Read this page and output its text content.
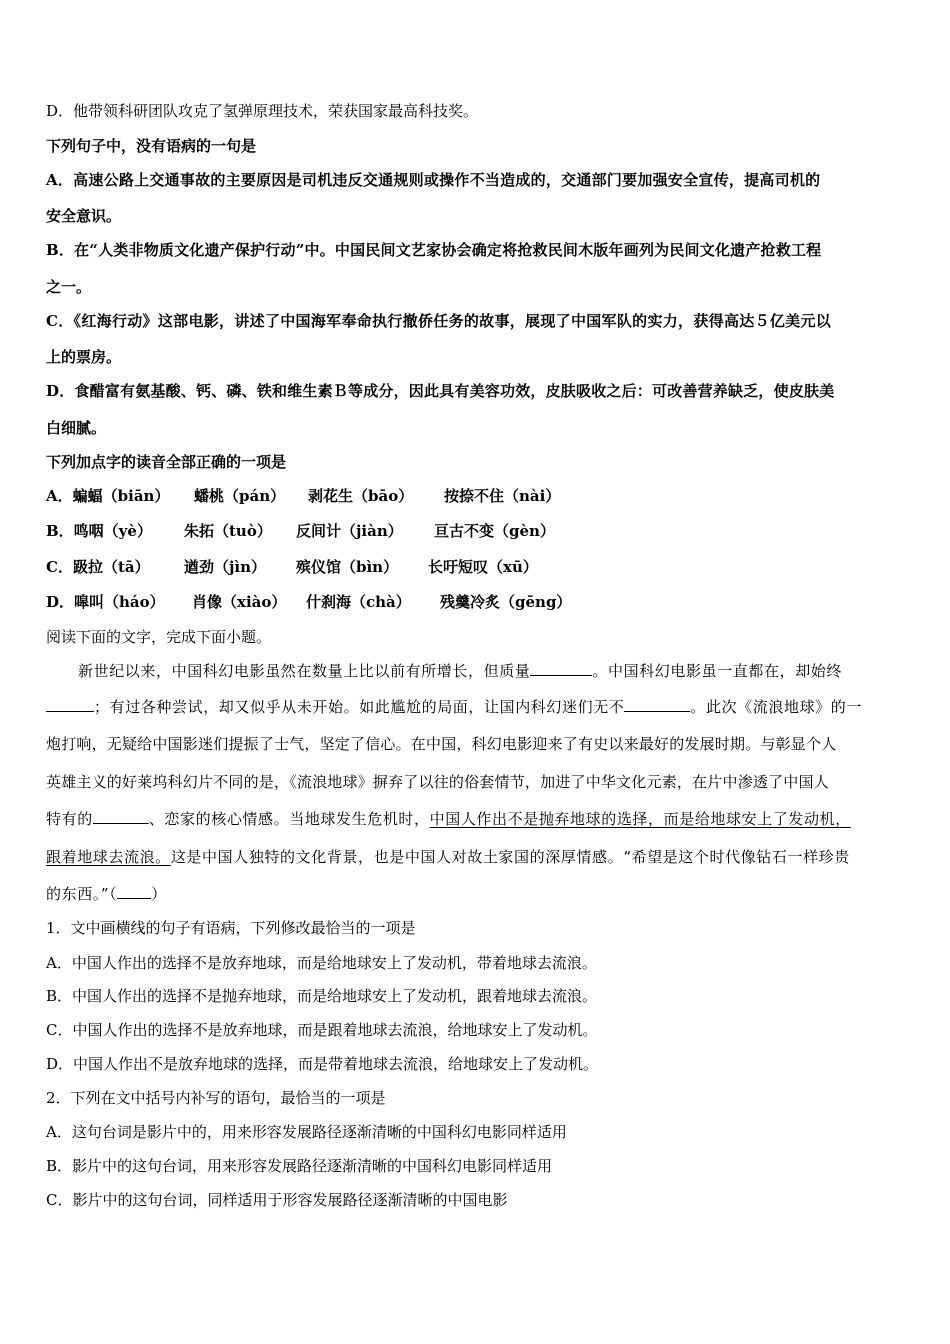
D．他带领科研团队攻克了氢弹原理技术，荣获国家最高科技奖。
下列句子中，没有语病的一句是
A．高速公路上交通事故的主要原因是司机违反交通规则或操作不当造成的，交通部门要加强安全宣传，提高司机的
安全意识。
B．在“人类非物质文化遗产保护行动”中。中国民间文艺家协会确定将抢救民间木版年画列为民间文化遗产抢救工程
之一。
C．《红海行动》这部电影，讲述了中国海军奉命执行撤侨任务的故事，展现了中国军队的实力，获得高达５亿美元以
上的票房。
D．食醋富有氨基酸、钙、磷、铁和维生素Ｂ等成分，因此具有美容功效，皮肤吸收之后：可改善营养缺乏，使皮肤美
白细腻。
下列加点字的读音全部正确的一项是
A．蝙蝠（biān） 蟠桃（pán） 剥花生（bāo） 按捺不住（nài）
B．鸣咽（yè） 朱拓（tuò） 反间计（jiàn） 亘古不变（gèn）
C．趿拉（tā） 遒劲（jìn） 殡仪馆（bìn） 长吁短叹（xū）
D．嗥叫（háo） 肖像（xiào） 什刹海（chà） 残羹冷炙（gēng）
阅读下面的文字，完成下面小题。
新世纪以来，中国科幻电影虽然在数量上比以前有所增长，但质量	。中国科幻电影虽一直都在，却始终
；有过各种尝试，却又似乎从未开始。如此尴尬的局面，让国内科幻迷们无不	。此次《流浪地球》的一
炮打响，无疑给中国影迷们提振了士气，坚定了信心。在中国，科幻电影迎来了有史以来最好的发展时期。与彰显个人
英雄主义的好莱坞科幻片不同的是，《流浪地球》摒弃了以往的俗套情节，加进了中华文化元素，在片中渗透了中国人
特有的	、恋家的核心情感。当地球发生危机时，中国人作出不是抛弃地球的选择，而是给地球安上了发动机，
跟着地球去流浪。这是中国人独特的文化背景，也是中国人对故土家国的深厚情感。“希望是这个时代像钻石一样珍贵
的东西。”（ ）
1．文中画横线的句子有语病，下列修改最恰当的一项是
A．中国人作出的选择不是放弃地球，而是给地球安上了发动机，带着地球去流浪。
B．中国人作出的选择不是抛弃地球，而是给地球安上了发动机，跟着地球去流浪。
C．中国人作出的选择不是放弃地球，而是跟着地球去流浪，给地球安上了发动机。
D．中国人作出不是放弃地球的选择，而是带着地球去流浪，给地球安上了发动机。
2．下列在文中括号内补写的语句，最恰当的一项是
A．这句台词是影片中的，用来形容发展路径逐渐清晰的中国科幻电影同样适用
B．影片中的这句台词，用来形容发展路径逐渐清晰的中国科幻电影同样适用
C．影片中的这句台词，同样适用于形容发展路径逐渐清晰的中国电影
